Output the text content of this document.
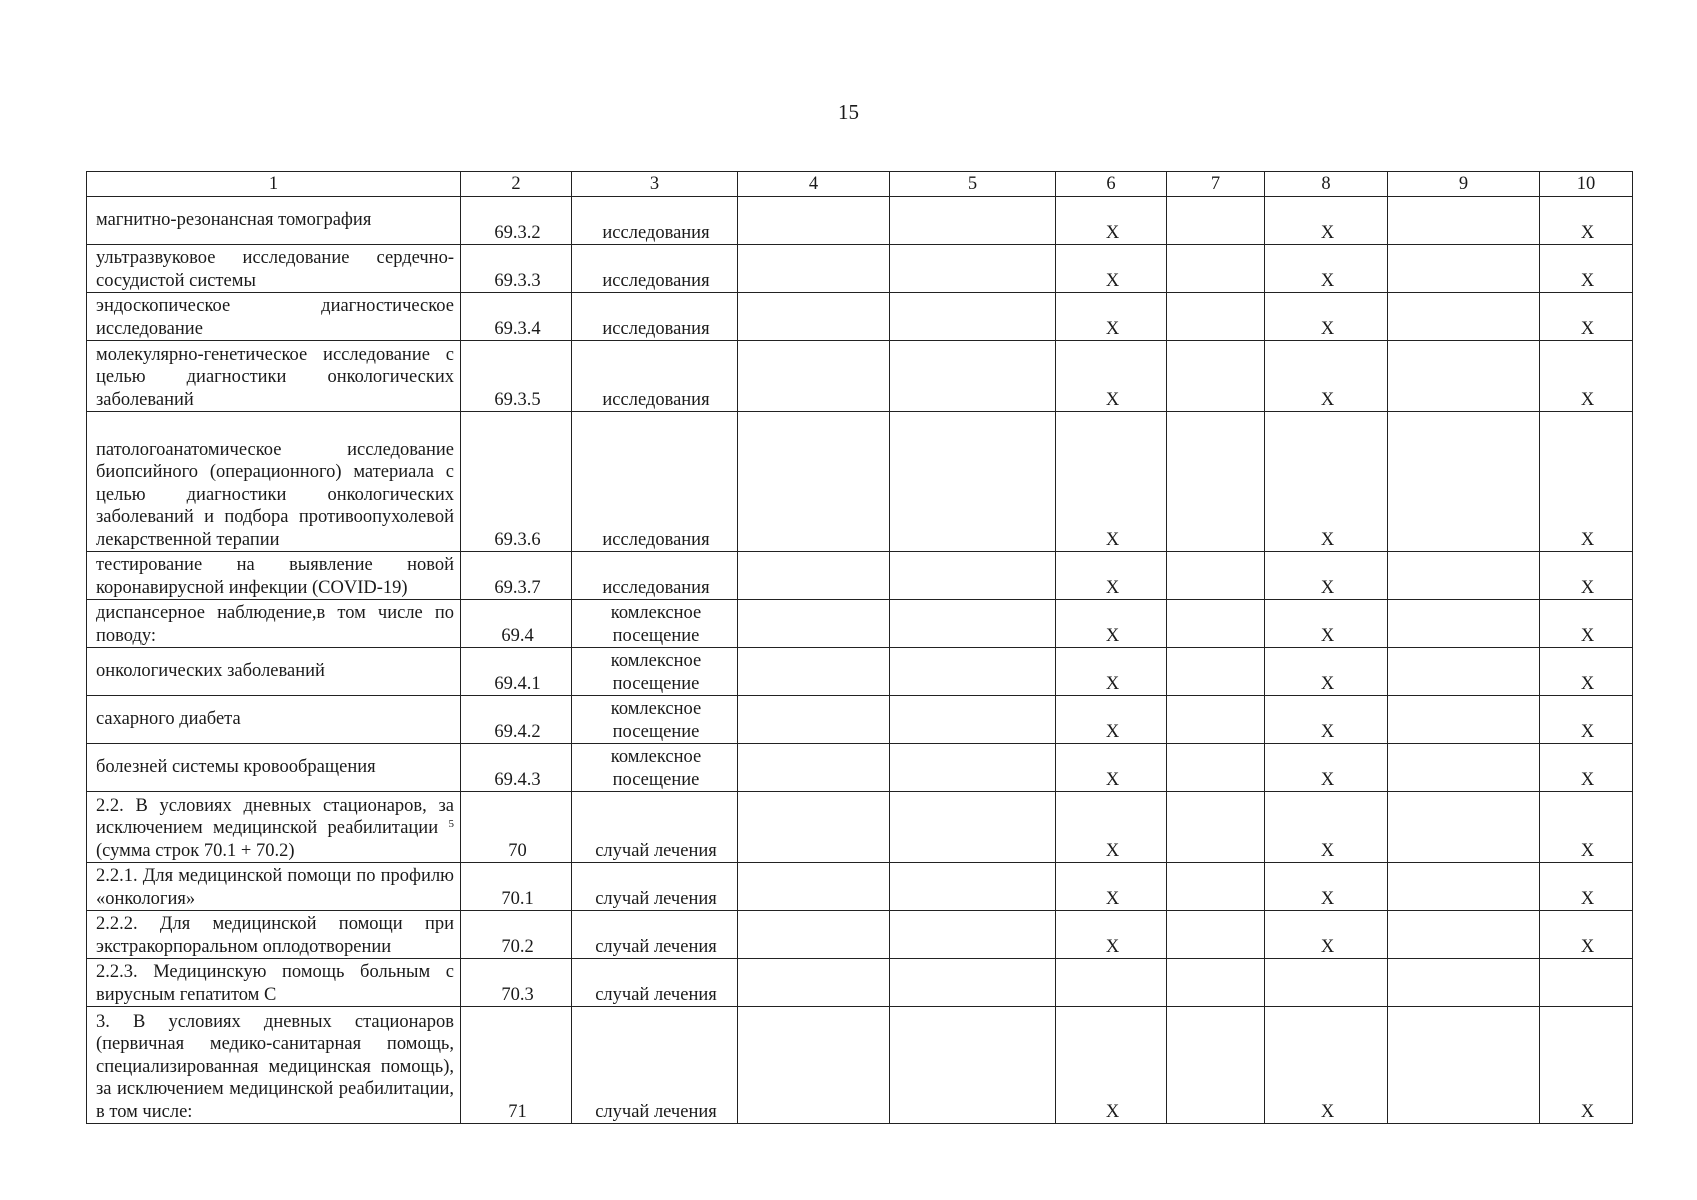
15
1	2	3	4	5	6	7	8	9	10
магнитно-резонансная томография	69.3.2	исследования			X		X		X
ультразвуковое исследование сердечно-сосудистой системы	69.3.3	исследования			X		X		X
эндоскопическое диагностическое исследование	69.3.4	исследования			X		X		X
молекулярно-генетическое исследование с целью диагностики онкологических заболеваний	69.3.5	исследования			X		X		X
патологоанатомическое исследование биопсийного (операционного) материала с целью диагностики онкологических заболеваний и подбора противоопухолевой лекарственной терапии	69.3.6	исследования			X		X		X
тестирование на выявление новой коронавирусной инфекции (COVID-19)	69.3.7	исследования			X		X		X
диспансерное наблюдение,в том числе по поводу:	69.4	комлексное посещение			X		X		X
онкологических заболеваний	69.4.1	комлексное посещение			X		X		X
сахарного диабета	69.4.2	комлексное посещение			X		X		X
болезней системы кровообращения	69.4.3	комлексное посещение			X		X		X
2.2. В условиях дневных стационаров, за исключением медицинской реабилитации $^5$ (сумма строк 70.1 + 70.2)	70	случай лечения			X		X		X
2.2.1. Для медицинской помощи по профилю «онкология»	70.1	случай лечения			X		X		X
2.2.2. Для медицинской помощи при экстракорпоральном оплодотворении	70.2	случай лечения			X		X		X
2.2.3. Медицинскую помощь больным с вирусным гепатитом С	70.3	случай лечения							
3. В условиях дневных стационаров (первичная медико-санитарная помощь, специализированная медицинская помощь), за исключением медицинской реабилитации, в том числе:	71	случай лечения			X		X		X
